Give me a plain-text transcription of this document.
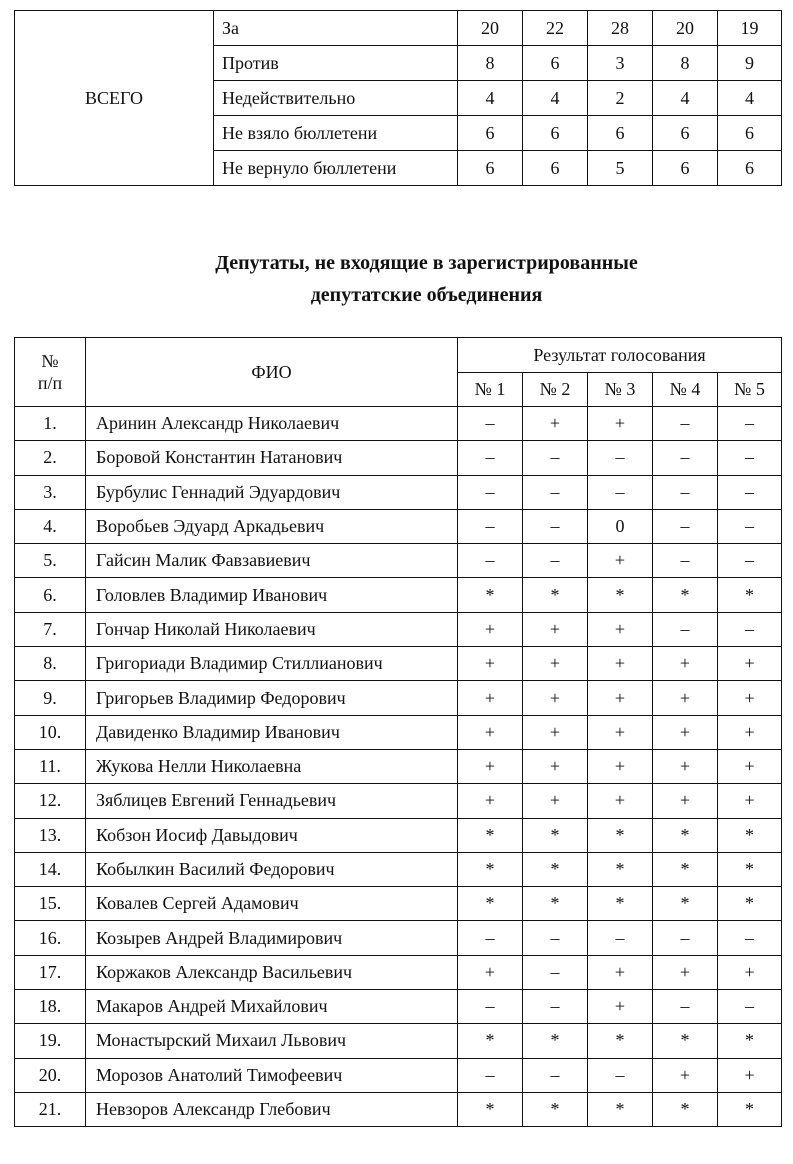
ВСЕГО	За	20	22	28	20	19
	Против	8	6	3	8	9
	Недействительно	4	4	2	4	4
	Не взяло бюллетени	6	6	6	6	6
	Не вернуло бюллетени	6	6	5	6	6
Депутаты, не входящие в зарегистрированные
депутатские объединения
№
п/п	ФИО	Результат голосования				
		№ 1	№ 2	№ 3	№ 4	№ 5
1.	Аринин Александр Николаевич	–	+	+	–	–
2.	Боровой Константин Натанович	–	–	–	–	–
3.	Бурбулис Геннадий Эдуардович	–	–	–	–	–
4.	Воробьев Эдуард Аркадьевич	–	–	0	–	–
5.	Гайсин Малик Фавзавиевич	–	–	+	–	–
6.	Головлев Владимир Иванович	*	*	*	*	*
7.	Гончар Николай Николаевич	+	+	+	–	–
8.	Григориади Владимир Стиллианович	+	+	+	+	+
9.	Григорьев Владимир Федорович	+	+	+	+	+
10.	Давиденко Владимир Иванович	+	+	+	+	+
11.	Жукова Нелли Николаевна	+	+	+	+	+
12.	Зяблицев Евгений Геннадьевич	+	+	+	+	+
13.	Кобзон Иосиф Давыдович	*	*	*	*	*
14.	Кобылкин Василий Федорович	*	*	*	*	*
15.	Ковалев Сергей Адамович	*	*	*	*	*
16.	Козырев Андрей Владимирович	–	–	–	–	–
17.	Коржаков Александр Васильевич	+	–	+	+	+
18.	Макаров Андрей Михайлович	–	–	+	–	–
19.	Монастырский Михаил Львович	*	*	*	*	*
20.	Морозов Анатолий Тимофеевич	–	–	–	+	+
21.	Невзоров Александр Глебович	*	*	*	*	*
